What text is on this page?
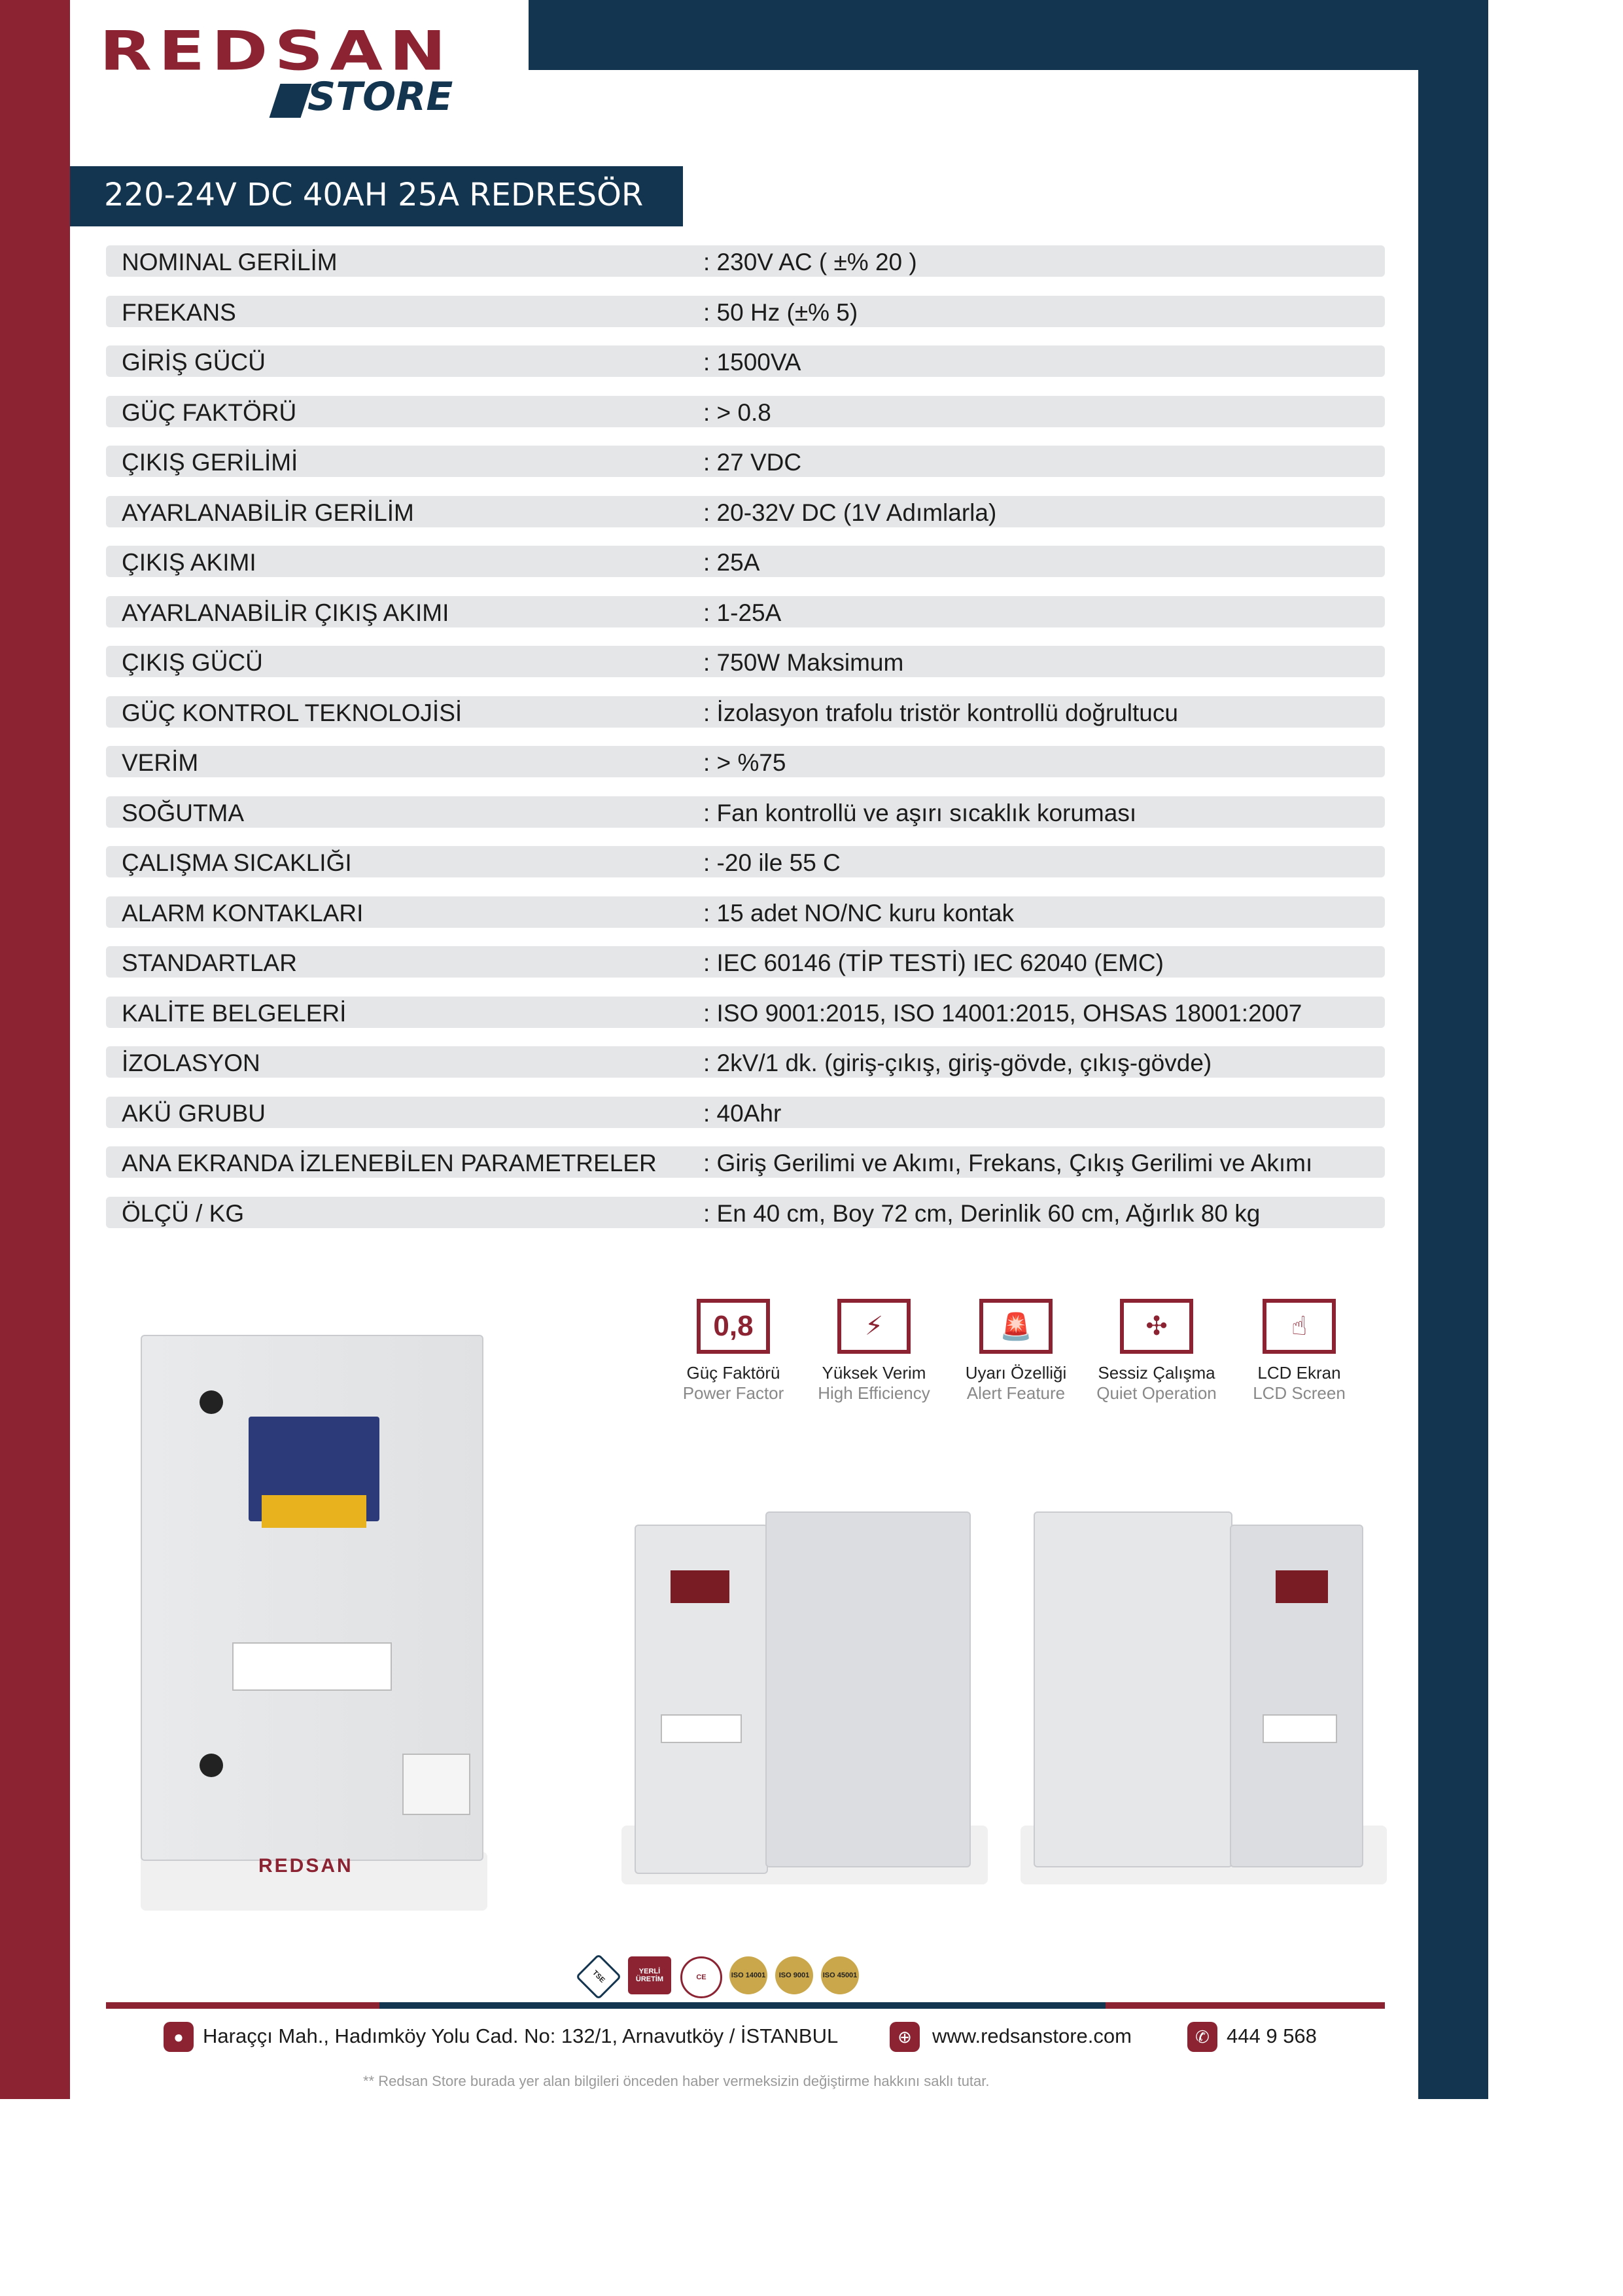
REDSAN
STORE
220-24V DC 40AH 25A REDRESÖR
NOMINAL GERİLİM	: 230V AC ( ±% 20 )
FREKANS	: 50 Hz (±% 5)
GİRİŞ GÜCÜ	: 1500VA
GÜÇ FAKTÖRÜ	: > 0.8
ÇIKIŞ GERİLİMİ	: 27 VDC
AYARLANABİLİR GERİLİM	: 20-32V DC (1V Adımlarla)
ÇIKIŞ AKIMI	: 25A
AYARLANABİLİR ÇIKIŞ AKIMI	: 1-25A
ÇIKIŞ GÜCÜ	: 750W Maksimum
GÜÇ KONTROL TEKNOLOJİSİ	: İzolasyon trafolu tristör kontrollü doğrultucu
VERİM	: > %75
SOĞUTMA	: Fan kontrollü ve aşırı sıcaklık koruması
ÇALIŞMA SICAKLIĞI	: -20 ile 55 C
ALARM KONTAKLARI	: 15 adet NO/NC kuru kontak
STANDARTLAR	: IEC 60146 (TİP TESTİ) IEC 62040 (EMC)
KALİTE BELGELERİ	: ISO 9001:2015, ISO 14001:2015, OHSAS 18001:2007
İZOLASYON	: 2kV/1 dk. (giriş-çıkış, giriş-gövde, çıkış-gövde)
AKÜ GRUBU	: 40Ahr
ANA EKRANDA İZLENEBİLEN PARAMETRELER : Giriş Gerilimi ve Akımı, Frekans, Çıkış Gerilimi ve Akımı
ÖLÇÜ / KG	: En 40 cm, Boy 72 cm, Derinlik 60 cm, Ağırlık 80 kg
REDSAN
0,8
Güç Faktörü
Power Factor
⚡
Yüksek Verim
High Efficiency
🚨
Uyarı Özelliği
Alert Feature
✣
Sessiz Çalışma
Quiet Operation
☝
LCD Ekran
LCD Screen
TSE	YERLİ ÜRETİM	CE	ISO 14001	ISO 9001	ISO 45001
● Haraççı Mah., Hadımköy Yolu Cad. No: 132/1, Arnavutköy / İSTANBUL	⊕	www.redsanstore.com	✆ 444 9 568
** Redsan Store burada yer alan bilgileri önceden haber vermeksizin değiştirme hakkını saklı tutar.
